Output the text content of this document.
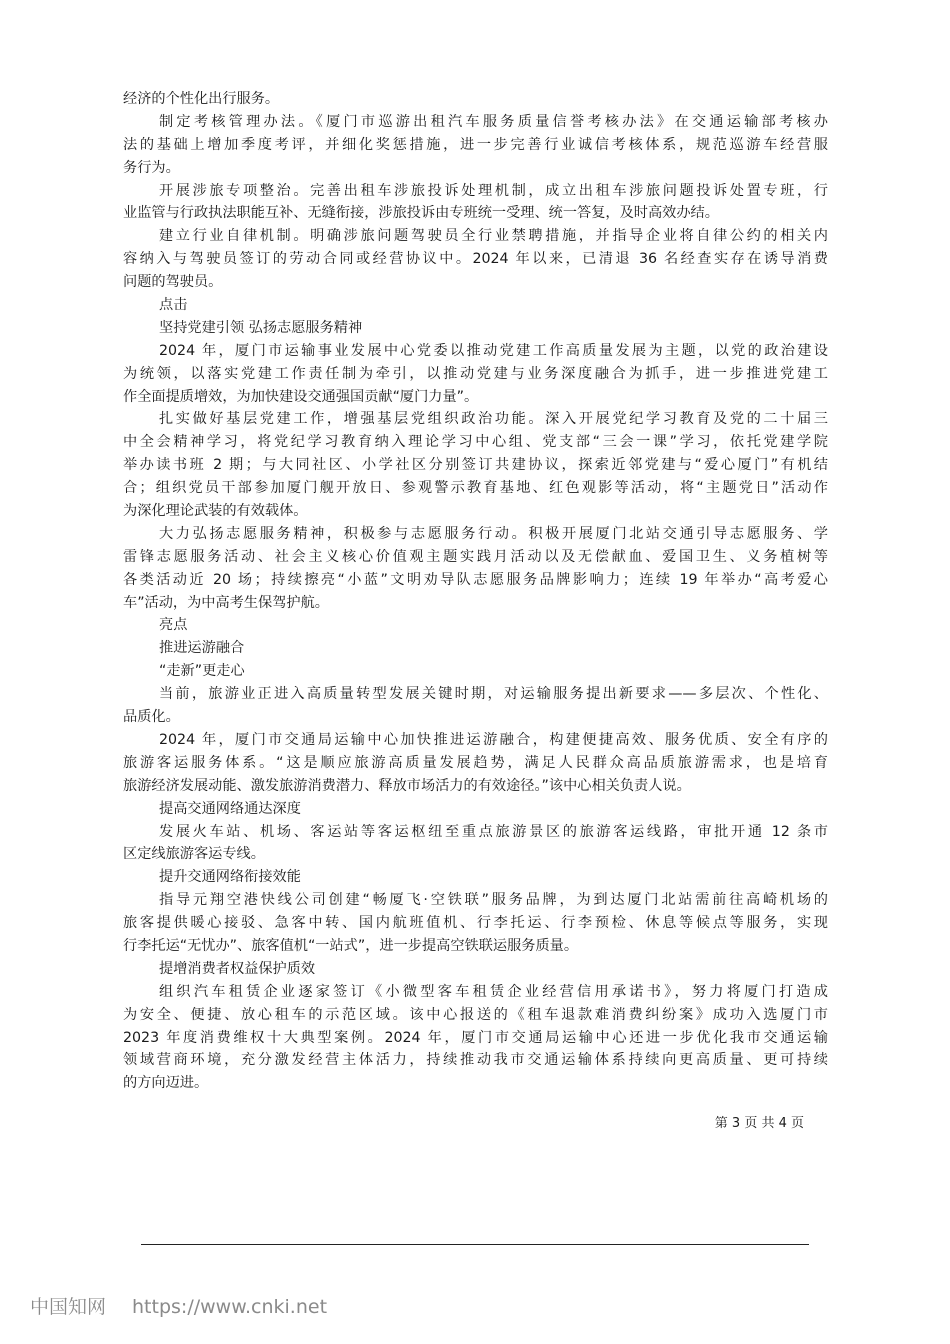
经济的个性化出行服务。
制定考核管理办法。《厦门市巡游出租汽车服务质量信誉考核办法》在交通运输部考核办
法的基础上增加季度考评，并细化奖惩措施，进一步完善行业诚信考核体系，规范巡游车经营服
务行为。
开展涉旅专项整治。完善出租车涉旅投诉处理机制，成立出租车涉旅问题投诉处置专班，行
业监管与行政执法职能互补、无缝衔接，涉旅投诉由专班统一受理、统一答复，及时高效办结。
建立行业自律机制。明确涉旅问题驾驶员全行业禁聘措施，并指导企业将自律公约的相关内
容纳入与驾驶员签订的劳动合同或经营协议中。2024 年以来，已清退 36 名经查实存在诱导消费
问题的驾驶员。
点击
坚持党建引领 弘扬志愿服务精神
2024 年，厦门市运输事业发展中心党委以推动党建工作高质量发展为主题，以党的政治建设
为统领，以落实党建工作责任制为牵引，以推动党建与业务深度融合为抓手，进一步推进党建工
作全面提质增效，为加快建设交通强国贡献“厦门力量”。
扎实做好基层党建工作，增强基层党组织政治功能。深入开展党纪学习教育及党的二十届三
中全会精神学习，将党纪学习教育纳入理论学习中心组、党支部“三会一课”学习，依托党建学院
举办读书班 2 期；与大同社区、小学社区分别签订共建协议，探索近邻党建与“爱心厦门”有机结
合；组织党员干部参加厦门舰开放日、参观警示教育基地、红色观影等活动，将“主题党日”活动作
为深化理论武装的有效载体。
大力弘扬志愿服务精神，积极参与志愿服务行动。积极开展厦门北站交通引导志愿服务、学
雷锋志愿服务活动、社会主义核心价值观主题实践月活动以及无偿献血、爱国卫生、义务植树等
各类活动近 20 场；持续擦亮“小蓝”文明劝导队志愿服务品牌影响力；连续 19 年举办“高考爱心
车”活动，为中高考生保驾护航。
亮点
推进运游融合
“走新”更走心
当前，旅游业正进入高质量转型发展关键时期，对运输服务提出新要求——多层次、个性化、
品质化。
2024 年，厦门市交通局运输中心加快推进运游融合，构建便捷高效、服务优质、安全有序的
旅游客运服务体系。“这是顺应旅游高质量发展趋势，满足人民群众高品质旅游需求，也是培育
旅游经济发展动能、激发旅游消费潜力、释放市场活力的有效途径。”该中心相关负责人说。
提高交通网络通达深度
发展火车站、机场、客运站等客运枢纽至重点旅游景区的旅游客运线路，审批开通 12 条市
区定线旅游客运专线。
提升交通网络衔接效能
指导元翔空港快线公司创建“畅厦飞·空铁联”服务品牌，为到达厦门北站需前往高崎机场的
旅客提供暖心接驳、急客中转、国内航班值机、行李托运、行李预检、休息等候点等服务，实现
行李托运“无忧办”、旅客值机“一站式”，进一步提高空铁联运服务质量。
提增消费者权益保护质效
组织汽车租赁企业逐家签订《小微型客车租赁企业经营信用承诺书》，努力将厦门打造成
为安全、便捷、放心租车的示范区域。该中心报送的《租车退款难消费纠纷案》成功入选厦门市
2023 年度消费维权十大典型案例。2024 年，厦门市交通局运输中心还进一步优化我市交通运输
领域营商环境，充分激发经营主体活力，持续推动我市交通运输体系持续向更高质量、更可持续
的方向迈进。
第 3 页 共 4 页
中国知网 https://www.cnki.net
